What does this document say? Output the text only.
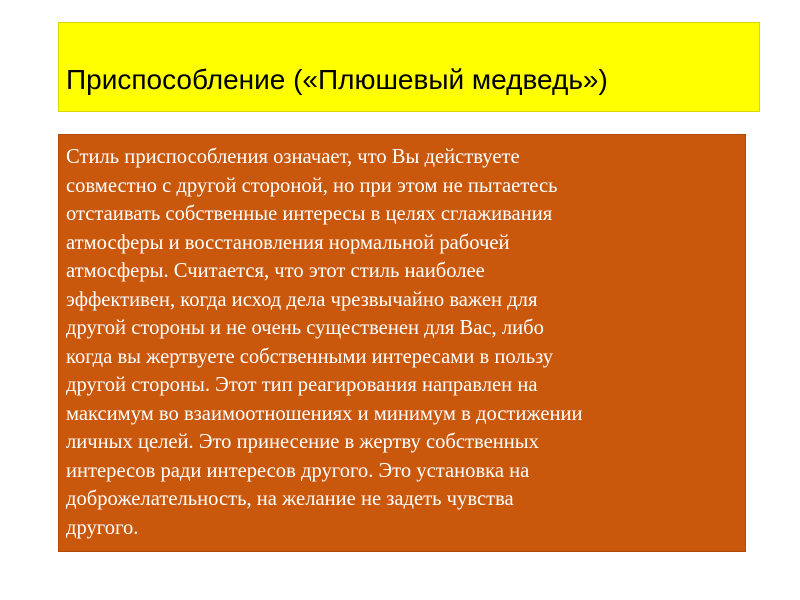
Приспособление («Плюшевый медведь»)

Стиль приспособления означает, что Вы действуете
совместно с другой стороной, но при этом не пытаетесь
отстаивать собственные интересы в целях сглаживания
атмосферы и восстановления нормальной рабочей
атмосферы. Считается, что этот стиль наиболее
эффективен, когда исход дела чрезвычайно важен для
другой стороны и не очень существенен для Вас, либо
когда вы жертвуете собственными интересами в пользу
другой стороны. Этот тип реагирования направлен на
максимум во взаимоотношениях и минимум в достижении
личных целей. Это принесение в жертву собственных
интересов ради интересов другого. Это установка на
доброжелательность, на желание не задеть чувства
другого.
